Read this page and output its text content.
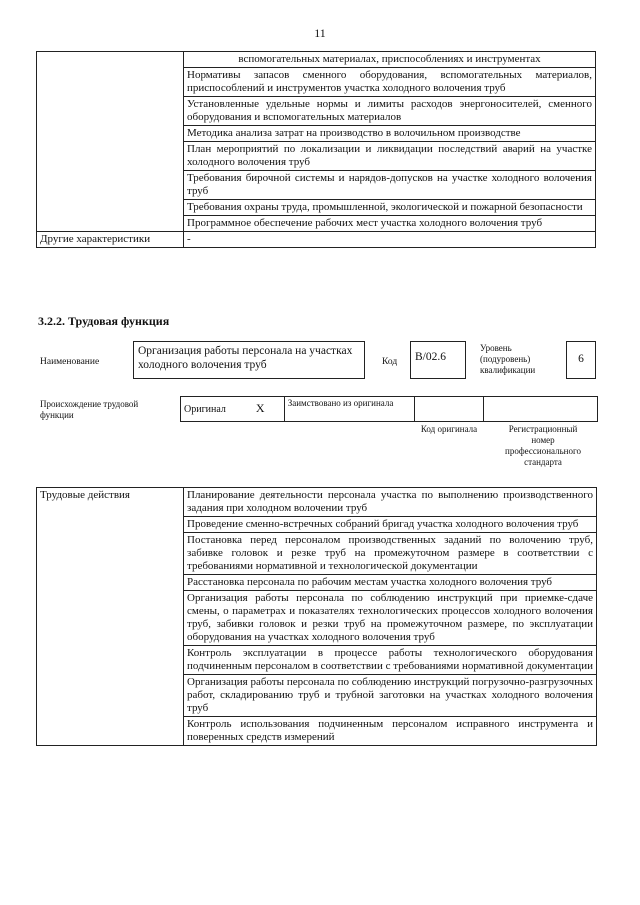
11
	вспомогательных материалах, приспособлениях и инструментах
	Нормативы запасов сменного оборудования, вспомогательных материалов, приспособлений и инструментов участка холодного волочения труб
	Установленные удельные нормы и лимиты расходов энергоносителей, сменного оборудования и вспомогательных материалов
	Методика анализа затрат на производство в волочильном производстве
	План мероприятий по локализации и ликвидации последствий аварий на участке холодного волочения труб
	Требования бирочной системы и нарядов-допусков на участке холодного волочения труб
	Требования охраны труда, промышленной, экологической и пожарной безопасности
	Программное обеспечение рабочих мест участка холодного волочения труб
Другие характеристики	-
3.2.2. Трудовая функция
Наименование
Организация работы персонала на участках холодного волочения труб	Код	В/02.6
Уровень (подуровень) квалификации
6
Происхождение трудовой функции	Оригинал	X	Заимствовано из оригинала		
Код оригинала	Регистрационный номер профессионального стандарта
Трудовые действия	Планирование деятельности персонала участка по выполнению производственного задания при холодном волочении труб
Проведение сменно-встречных собраний бригад участка холодного волочения труб
Постановка перед персоналом производственных заданий по волочению труб, забивке головок и резке труб на промежуточном размере в соответствии с требованиями нормативной и технологической документации
Расстановка персонала по рабочим местам участка холодного волочения труб
Организация работы персонала по соблюдению инструкций при приемке-сдаче смены, о параметрах и показателях технологических процессов холодного волочения труб, забивки головок и резки труб на промежуточном размере, по эксплуатации оборудования на участках холодного волочения труб
Контроль эксплуатации в процессе работы технологического оборудования подчиненным персоналом в соответствии с требованиями нормативной документации
Организация работы персонала по соблюдению инструкций погрузочно-разгрузочных работ, складированию труб и трубной заготовки на участках холодного волочения труб
Контроль использования подчиненным персоналом исправного инструмента и поверенных средств измерений
